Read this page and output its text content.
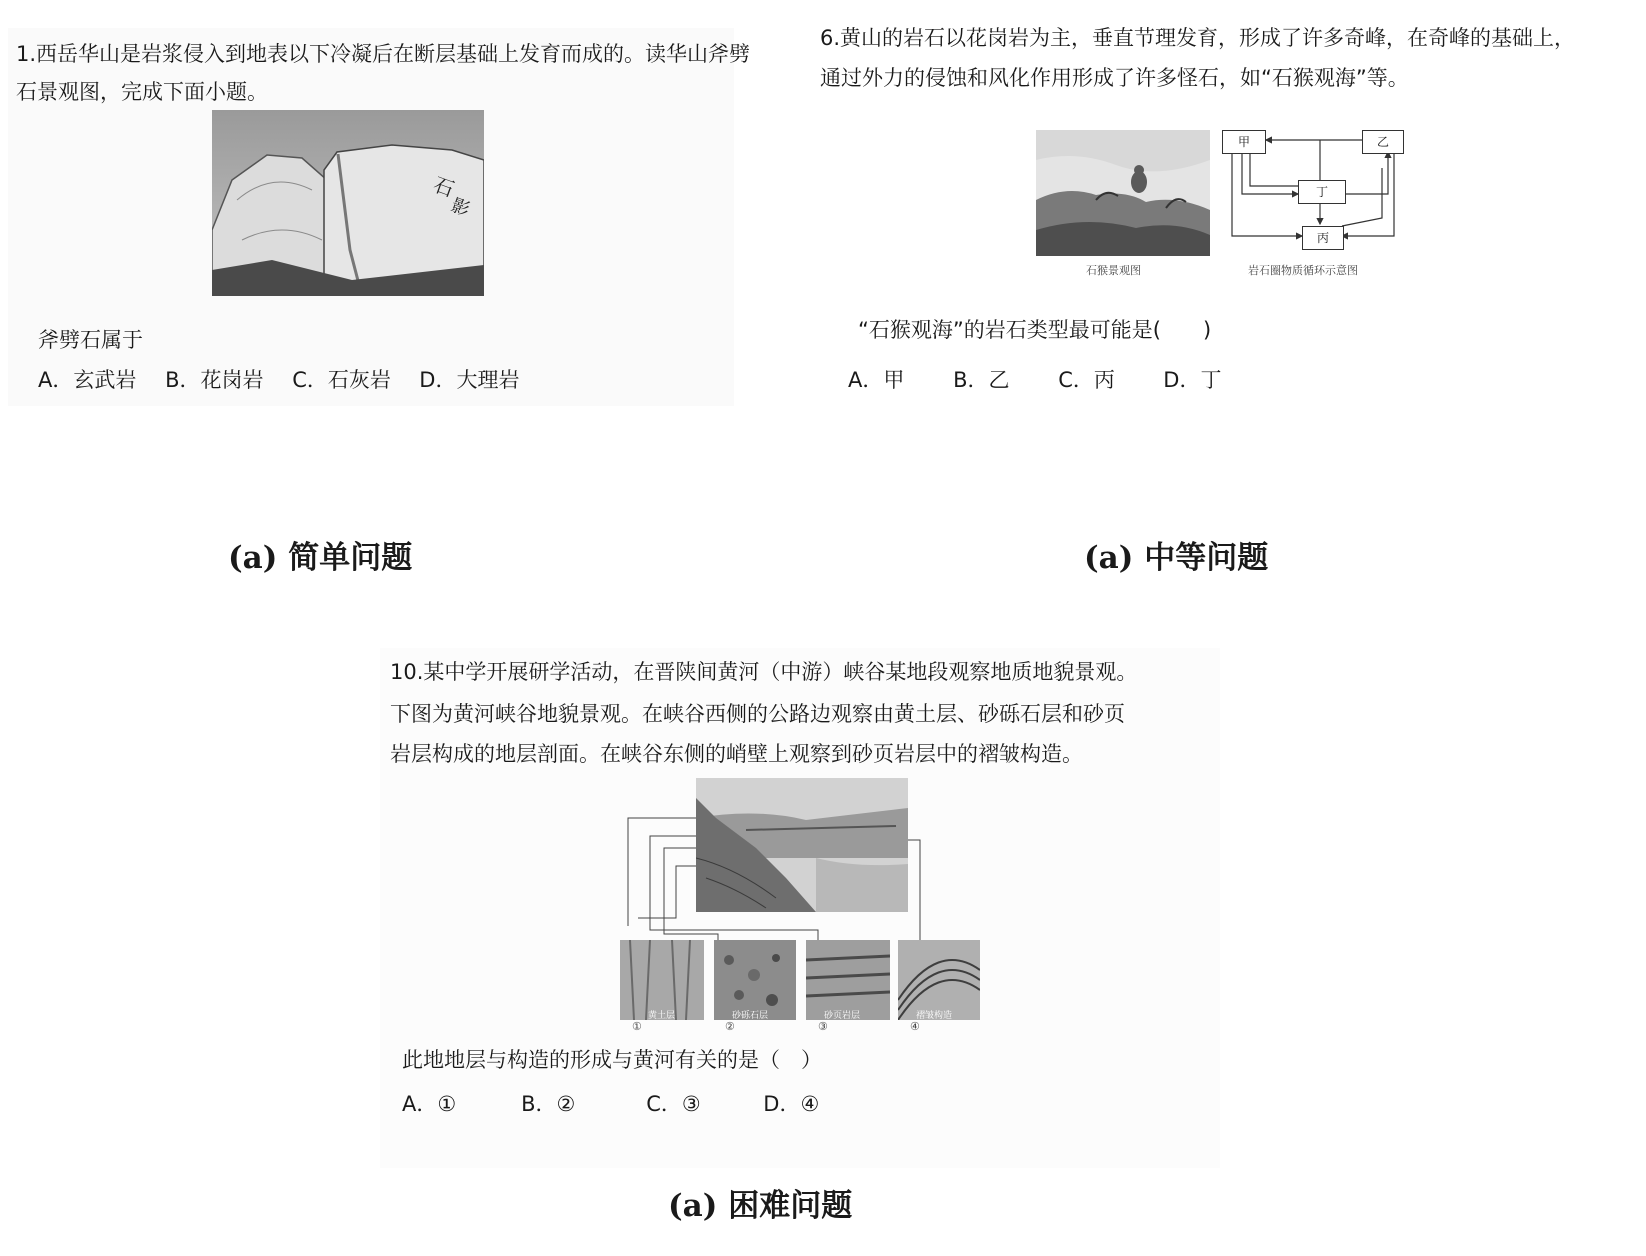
1.西岳华山是岩浆侵入到地表以下冷凝后在断层基础上发育而成的。读华山斧劈

石景观图，完成下面小题。

石
影

斧劈石属于

A．玄武岩 B．花岗岩 C．石灰岩 D．大理岩
(a) 简单问题

6.黄山的岩石以花岗岩为主，垂直节理发育，形成了许多奇峰，在奇峰的基础上，

通过外力的侵蚀和风化作用形成了许多怪石，如“石猴观海”等。

石猴景观图
甲	乙
丁
丙
岩石圈物质循环示意图

“石猴观海”的岩石类型最可能是(　　)

A．甲 B．乙 C．丙 D．丁
(a) 中等问题

10.某中学开展研学活动，在晋陕间黄河（中游）峡谷某地段观察地质地貌景观。

下图为黄河峡谷地貌景观。在峡谷西侧的公路边观察由黄土层、砂砾石层和砂页

岩层构成的地层剖面。在峡谷东侧的峭壁上观察到砂页岩层中的褶皱构造。

黄土层	砂砾石层	砂页岩层	褶皱构造
①	②	③	④

此地地层与构造的形成与黄河有关的是（　）

A．①	B．②	C．③	D．④
(a) 困难问题
